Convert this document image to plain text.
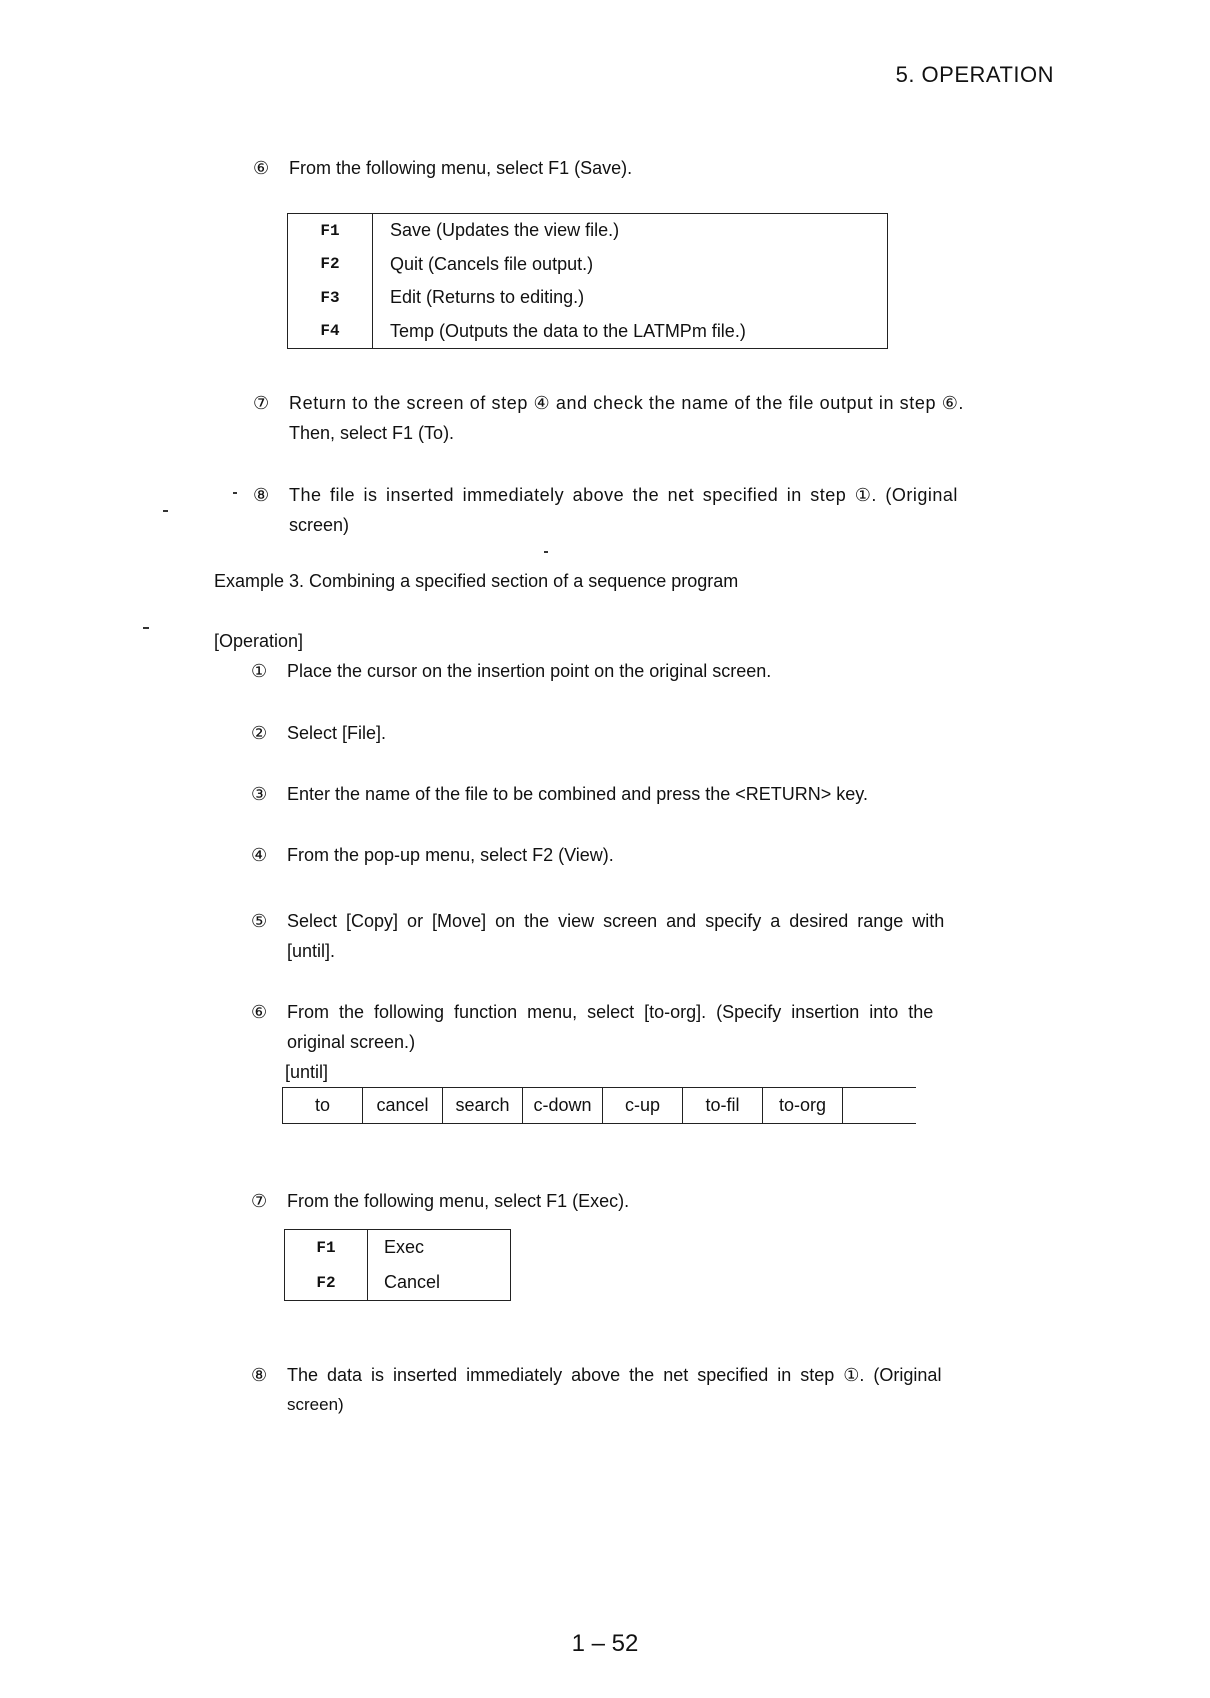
5. OPERATION
⑥ From the following menu, select F1 (Save).
F1	Save (Updates the view file.)
F2	Quit (Cancels file output.)
F3	Edit (Returns to editing.)
F4	Temp (Outputs the data to the LATMPm file.)
⑦ Return to the screen of step ④ and check the name of the file output in step ⑥.
Then, select F1 (To).
⑧ The file is inserted immediately above the net specified in step ①. (Original
screen)
Example 3. Combining a specified section of a sequence program
[Operation]
① Place the cursor on the insertion point on the original screen.
② Select [File].
③ Enter the name of the file to be combined and press the <RETURN> key.
④ From the pop-up menu, select F2 (View).
⑤ Select [Copy] or [Move] on the view screen and specify a desired range with
[until].
⑥ From the following function menu, select [to-org]. (Specify insertion into the
original screen.)
[until]
to	cancel	search	c-down	c-up	to-fil	to-org
⑦ From the following menu, select F1 (Exec).
F1	Exec
F2	Cancel
⑧ The data is inserted immediately above the net specified in step ①. (Original
screen)
1 – 52
